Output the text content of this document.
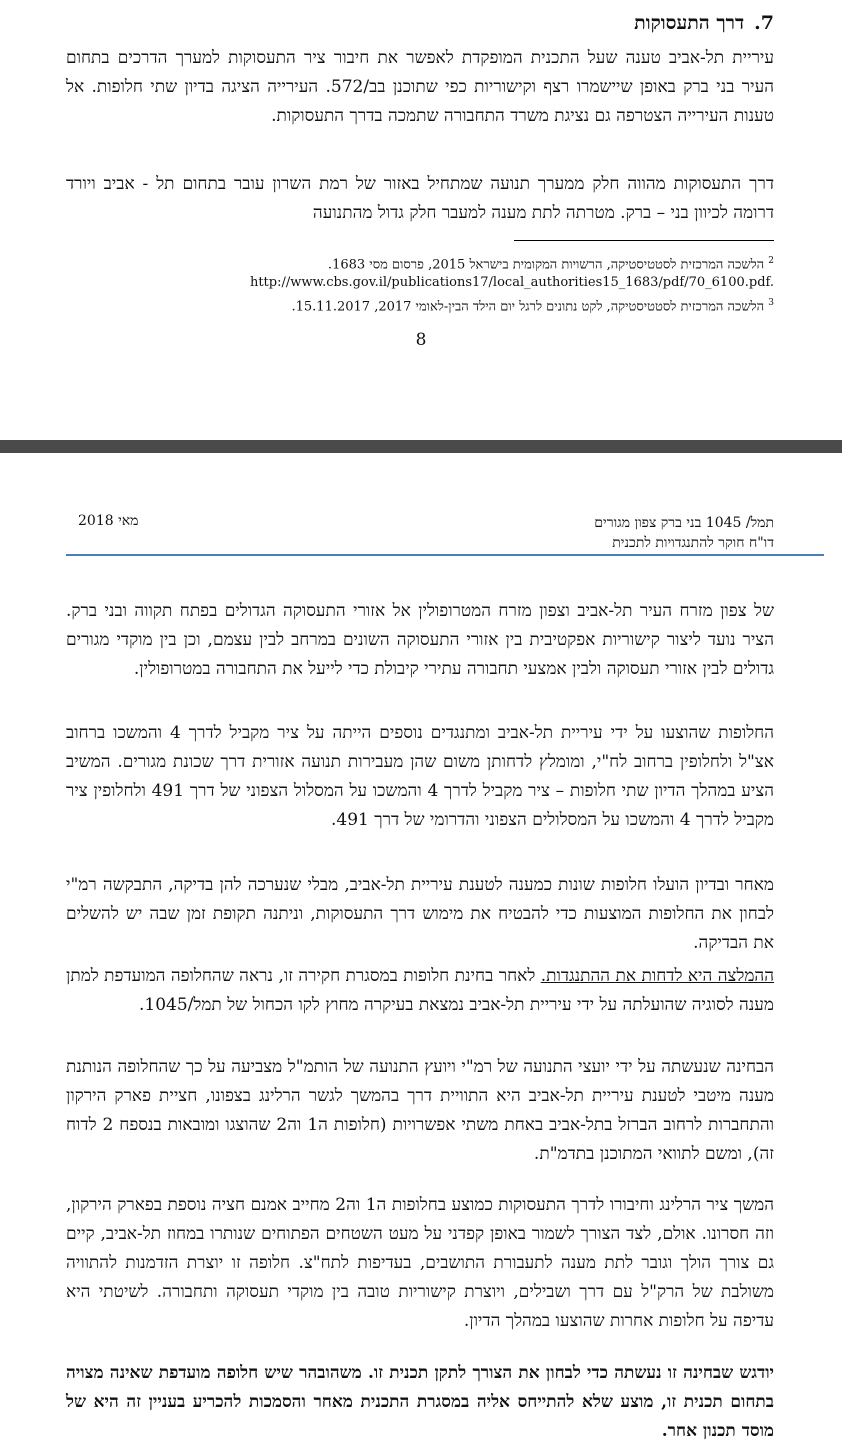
7.דרך התעסוקות
עיריית תל-אביב טענה שעל התכנית המופקדת לאפשר את חיבור ציר התעסוקות למערך הדרכים בתחום העיר בני ברק באופן שיישמרו רצף וקישוריות כפי שתוכנן בב/572. העירייה הציגה בדיון שתי חלופות. אל טענות העירייה הצטרפה גם נציגת משרד התחבורה שתמכה בדרך התעסוקות.
דרך התעסוקות מהווה חלק ממערך תנועה שמתחיל באזור של רמת השרון עובר בתחום תל - אביב ויורד דרומה לכיוון בני – ברק. מטרתה לתת מענה למעבר חלק גדול מהתנועה
$^2$ הלשכה המרכזית לסטטיסטיקה, הרשויות המקומית בישראל 2015, פרסום מסי 1683.
http://www.cbs.gov.il/publications17/local_authorities15_1683/pdf/70_6100.pdf.
$^3$ הלשכה המרכזית לסטטיסטיקה, לקט נתונים לרגל יום הילד הבין-לאומי 2017, 15.11.2017.
8
תמל/ 1045 בני ברק צפון מגורים
דו"ח חוקר להתנגדויות לתכנית
מאי 2018
של צפון מזרח העיר תל-אביב וצפון מזרח המטרופולין אל אזורי התעסוקה הגדולים בפתח תקווה ובני ברק. הציר נועד ליצור קישוריות אפקטיבית בין אזורי התעסוקה השונים במרחב לבין עצמם, וכן בין מוקדי מגורים גדולים לבין אזורי תעסוקה ולבין אמצעי תחבורה עתירי קיבולת כדי לייעל את התחבורה במטרופולין.
החלופות שהוצעו על ידי עיריית תל-אביב ומתנגדים נוספים הייתה על ציר מקביל לדרך 4 והמשכו ברחוב אצ"ל ולחלופין ברחוב לח"י, ומומלץ לדחותן משום שהן מעבירות תנועה אזורית דרך שכונת מגורים. המשיב הציע במהלך הדיון שתי חלופות – ציר מקביל לדרך 4 והמשכו על המסלול הצפוני של דרך 491 ולחלופין ציר מקביל לדרך 4 והמשכו על המסלולים הצפוני והדרומי של דרך 491.
מאחר ובדיון הועלו חלופות שונות כמענה לטענת עיריית תל-אביב, מבלי שנערכה להן בדיקה, התבקשה רמ"י לבחון את החלופות המוצעות כדי להבטיח את מימוש דרך התעסוקות, וניתנה תקופת זמן שבה יש להשלים את הבדיקה.
ההמלצה היא לדחות את ההתנגדות. לאחר בחינת חלופות במסגרת חקירה זו, נראה שהחלופה המועדפת למתן מענה לסוגיה שהועלתה על ידי עיריית תל-אביב נמצאת בעיקרה מחוץ לקו הכחול של תמל/1045.
הבחינה שנעשתה על ידי יועצי התנועה של רמ"י ויועץ התנועה של הותמ"ל מצביעה על כך שהחלופה הנותנת מענה מיטבי לטענת עיריית תל-אביב היא התוויית דרך בהמשך לגשר הרלינג בצפונו, חציית פארק הירקון והתחברות לרחוב הברזל בתל-אביב באחת משתי אפשרויות (חלופות ה1 וה2 שהוצגו ומובאות בנספח 2 לדוח זה), ומשם לתוואי המתוכנן בתדמ"ת.
המשך ציר הרלינג וחיבורו לדרך התעסוקות כמוצע בחלופות ה1 וה2 מחייב אמנם חציה נוספת בפארק הירקון, וזה חסרונו. אולם, לצד הצורך לשמור באופן קפדני על מעט השטחים הפתוחים שנותרו במחוז תל-אביב, קיים גם צורך הולך וגובר לתת מענה לתעבורת התושבים, בעדיפות לתח"צ. חלופה זו יוצרת הזדמנות להתוויה משולבת של הרק"ל עם דרך ושבילים, ויוצרת קישוריות טובה בין מוקדי תעסוקה ותחבורה. לשיטתי היא עדיפה על חלופות אחרות שהוצעו במהלך הדיון.
יודגש שבחינה זו נעשתה כדי לבחון את הצורך לתקן תכנית זו. משהובהר שיש חלופה מועדפת שאינה מצויה בתחום תכנית זו, מוצע שלא להתייחס אליה במסגרת התכנית מאחר והסמכות להכריע בעניין זה היא של מוסד תכנון אחר.
